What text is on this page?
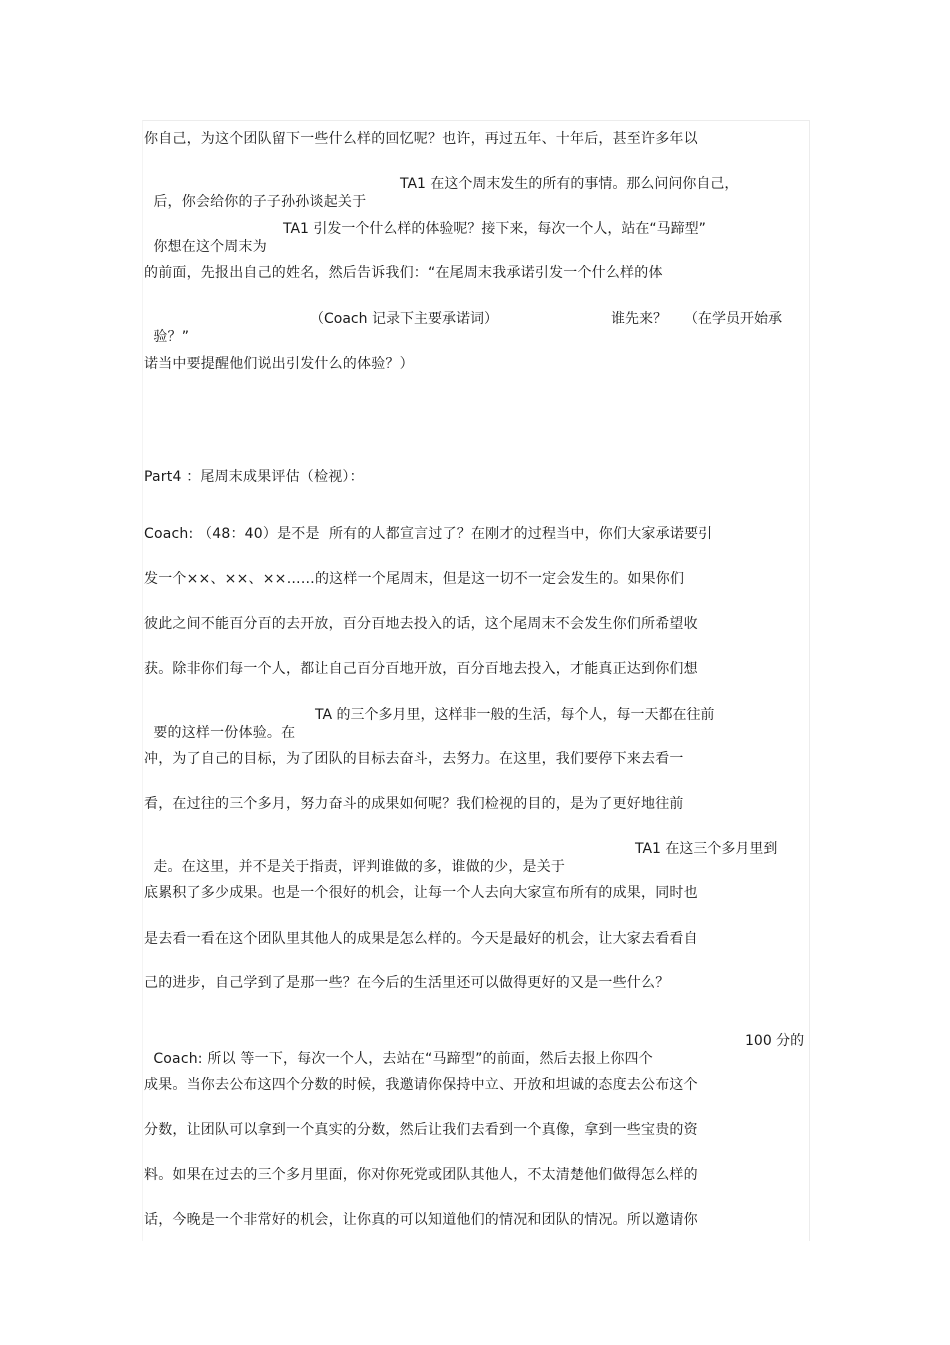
你自己，为这个团队留下一些什么样的回忆呢？也许，再过五年、十年后，甚至许多年以

后，你会给你的子子孙孙谈起关于

TA1 在这个周末发生的所有的事情。那么问问你自己，

你想在这个周末为

TA1 引发一个什么样的体验呢？接下来，每次一个人，站在“马蹄型”
的前面，先报出自己的姓名，然后告诉我们：“在尾周末我承诺引发一个什么样的体

验？”

（Coach 记录下主要承诺词）	谁先来？ （在学员开始承
诺当中要提醒他们说出引发什么的体验？）
Part4 ：尾周末成果评估（检视）：
Coach: （48：40）是不是  所有的人都宣言过了？在刚才的过程当中，你们大家承诺要引
发一个××、××、××……的这样一个尾周末，但是这一切不一定会发生的。如果你们
彼此之间不能百分百的去开放，百分百地去投入的话，这个尾周末不会发生你们所希望收
获。除非你们每一个人，都让自己百分百地开放，百分百地去投入，才能真正达到你们想

要的这样一份体验。在

TA 的三个多月里，这样非一般的生活，每个人，每一天都在往前
冲，为了自己的目标，为了团队的目标去奋斗，去努力。在这里，我们要停下来去看一
看，在过往的三个多月，努力奋斗的成果如何呢？我们检视的目的，是为了更好地往前

走。在这里，并不是关于指责，评判谁做的多，谁做的少，是关于

TA1 在这三个多月里到
底累积了多少成果。也是一个很好的机会，让每一个人去向大家宣布所有的成果，同时也
是去看一看在这个团队里其他人的成果是怎么样的。今天是最好的机会，让大家去看看自
己的进步，自己学到了是那一些？在今后的生活里还可以做得更好的又是一些什么？

Coach: 所以 等一下，每次一个人，去站在“马蹄型”的前面，然后去报上你四个

100 分的
成果。当你去公布这四个分数的时候，我邀请你保持中立、开放和坦诚的态度去公布这个
分数，让团队可以拿到一个真实的分数，然后让我们去看到一个真像，拿到一些宝贵的资
料。如果在过去的三个多月里面，你对你死党或团队其他人，不太清楚他们做得怎么样的
话，今晚是一个非常好的机会，让你真的可以知道他们的情况和团队的情况。所以邀请你
